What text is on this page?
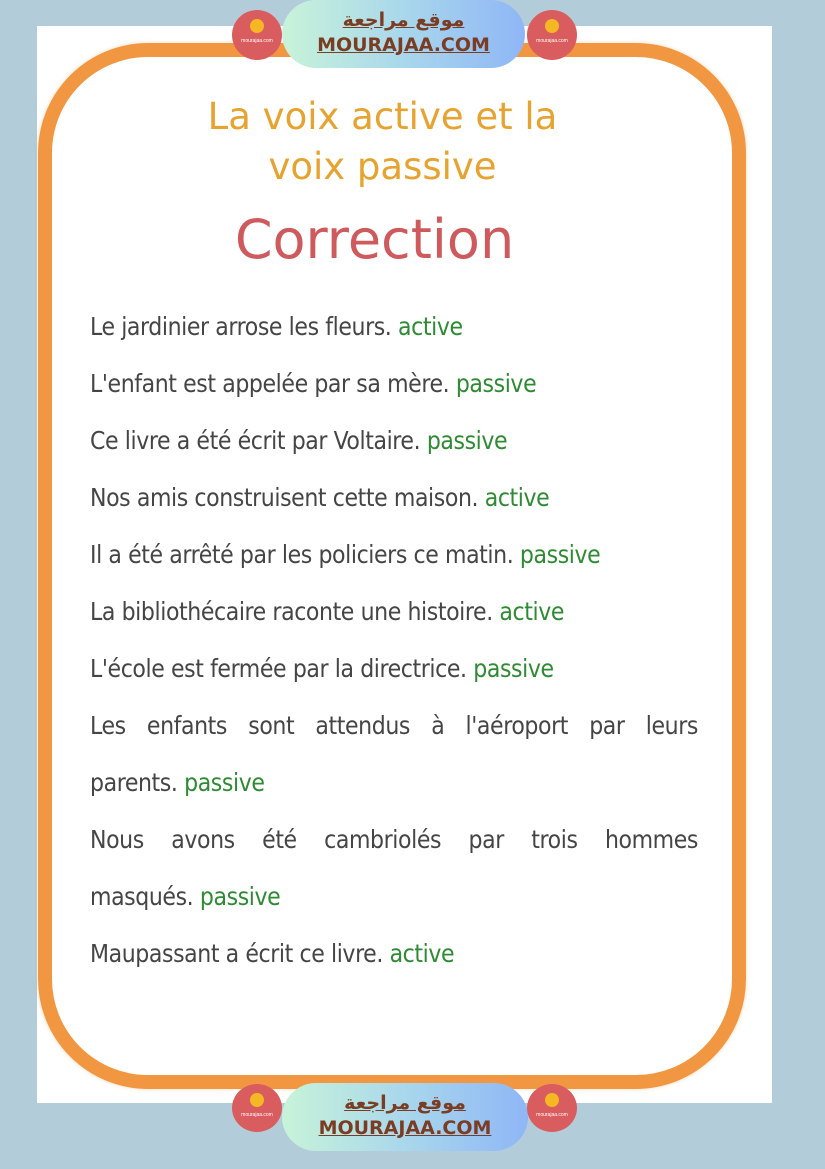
mourajaa.com
موقع مراجعة
MOURAJAA.COM	mourajaa.com
La voix active et la
voix passive
Correction
Le jardinier arrose les fleurs. active
L'enfant est appelée par sa mère. passive
Ce livre a été écrit par Voltaire. passive
Nos amis construisent cette maison. active
Il a été arrêté par les policiers ce matin. passive
La bibliothécaire raconte une histoire. active
L'école est fermée par la directrice. passive
Les enfants sont attendus à l'aéroport par leurs
parents. passive
Nous avons été cambriolés par trois hommes
masqués. passive
Maupassant a écrit ce livre. active
mourajaa.com
موقع مراجعة
MOURAJAA.COM
mourajaa.com
